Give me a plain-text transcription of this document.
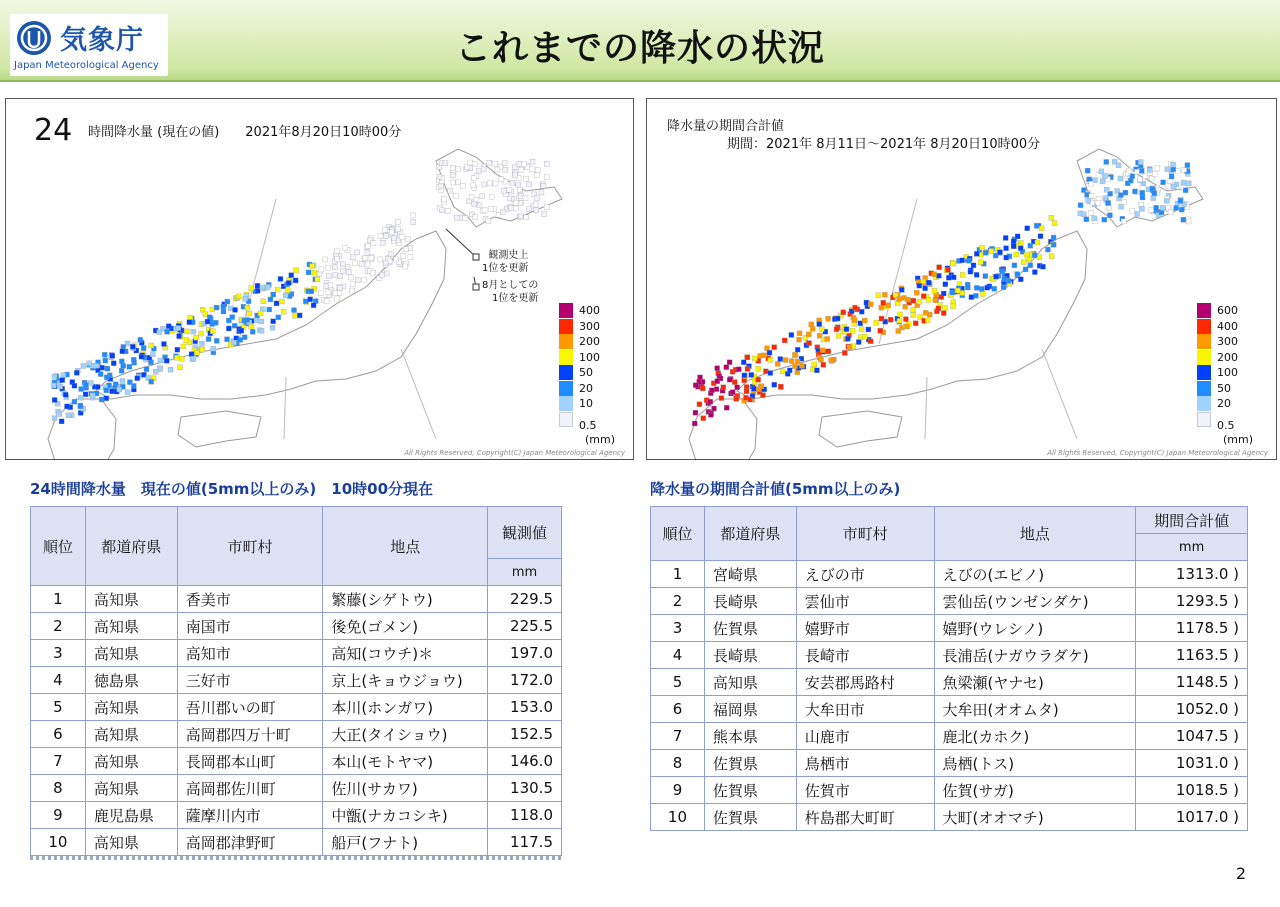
気象庁
Japan Meteorological Agency	これまでの降水の状況
24 時間降水量 (現在の値)　　2021年8月20日10時00分
観測史上
1位を更新
8月としての
1位を更新
All Rights Reserved, Copyright(C) Japan Meteorological Agency
400
300
200
100
50
20
10
0.5
(mm)
降水量の期間合計値
期間：2021年 8月11日～2021年 8月20日10時00分
All Rights Reserved, Copyright(C) Japan Meteorological Agency
600
400
300
200
100
50
20
0.5
(mm)
24時間降水量　現在の値(5mm以上のみ)　10時00分現在	降水量の期間合計値(5mm以上のみ)
順位	都道府県	市町村	地点	観測値
				mm
1	高知県	香美市	繁藤(シゲトウ)	229.5
2	高知県	南国市	後免(ゴメン)	225.5
3	高知県	高知市	高知(コウチ)＊	197.0
4	徳島県	三好市	京上(キョウジョウ)	172.0
5	高知県	吾川郡いの町	本川(ホンガワ)	153.0
6	高知県	高岡郡四万十町	大正(タイショウ)	152.5
7	高知県	長岡郡本山町	本山(モトヤマ)	146.0
8	高知県	高岡郡佐川町	佐川(サカワ)	130.5
9	鹿児島県	薩摩川内市	中甑(ナカコシキ)	118.0
10	高知県	高岡郡津野町	船戸(フナト)	117.5
順位	都道府県	市町村	地点	期間合計値
				mm
1	宮崎県	えびの市	えびの(エビノ)	1313.0 )
2	長崎県	雲仙市	雲仙岳(ウンゼンダケ)	1293.5 )
3	佐賀県	嬉野市	嬉野(ウレシノ)	1178.5 )
4	長崎県	長崎市	長浦岳(ナガウラダケ)	1163.5 )
5	高知県	安芸郡馬路村	魚梁瀬(ヤナセ)	1148.5 )
6	福岡県	大牟田市	大牟田(オオムタ)	1052.0 )
7	熊本県	山鹿市	鹿北(カホク)	1047.5 )
8	佐賀県	鳥栖市	鳥栖(トス)	1031.0 )
9	佐賀県	佐賀市	佐賀(サガ)	1018.5 )
10	佐賀県	杵島郡大町町	大町(オオマチ)	1017.0 )
2
